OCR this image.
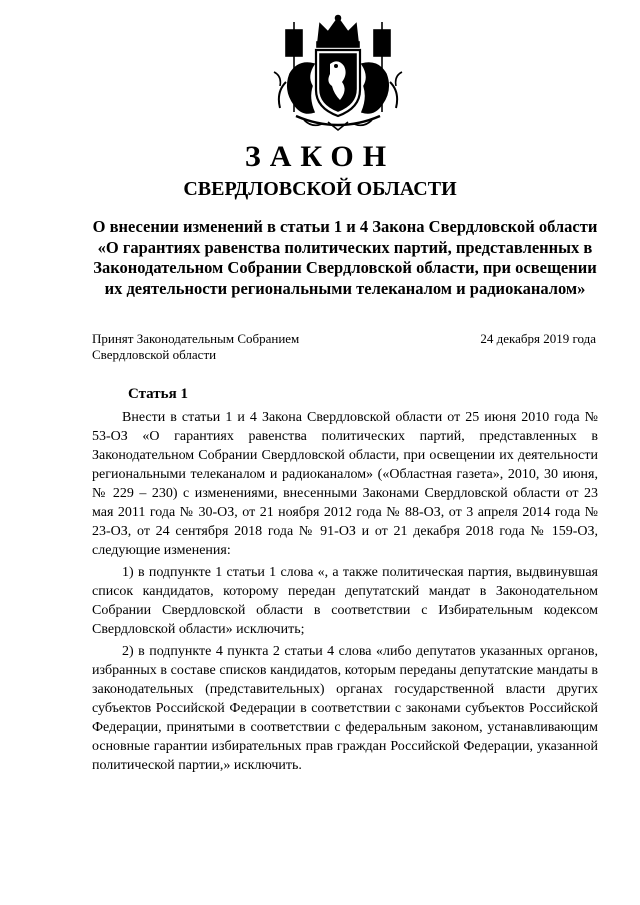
ЗАКОН
СВЕРДЛОВСКОЙ ОБЛАСТИ
О внесении изменений в статьи 1 и 4 Закона Свердловской области «О гарантиях равенства политических партий, представленных в Законодательном Собрании Свердловской области, при освещении их деятельности региональными телеканалом и радиоканалом»
Принят Законодательным Собранием
Свердловской области
24 декабря 2019 года
Статья 1

Внести в статьи 1 и 4 Закона Свердловской области от 25 июня 2010 года № 53-ОЗ «О гарантиях равенства политических партий, представленных в Законодательном Собрании Свердловской области, при освещении их деятельности региональными телеканалом и радиоканалом» («Областная газета», 2010, 30 июня, № 229 – 230) с изменениями, внесенными Законами Свердловской области от 23 мая 2011 года № 30-ОЗ, от 21 ноября 2012 года № 88-ОЗ, от 3 апреля 2014 года № 23-ОЗ, от 24 сентября 2018 года № 91-ОЗ и от 21 декабря 2018 года № 159-ОЗ, следующие изменения:

1) в подпункте 1 статьи 1 слова «, а также политическая партия, выдвинувшая список кандидатов, которому передан депутатский мандат в Законодательном Собрании Свердловской области в соответствии с Избирательным кодексом Свердловской области» исключить;

2) в подпункте 4 пункта 2 статьи 4 слова «либо депутатов указанных органов, избранных в составе списков кандидатов, которым переданы депутатские мандаты в законодательных (представительных) органах государственной власти других субъектов Российской Федерации в соответствии с законами субъектов Российской Федерации, принятыми в соответствии с федеральным законом, устанавливающим основные гарантии избирательных прав граждан Российской Федерации, указанной политической партии,» исключить.
